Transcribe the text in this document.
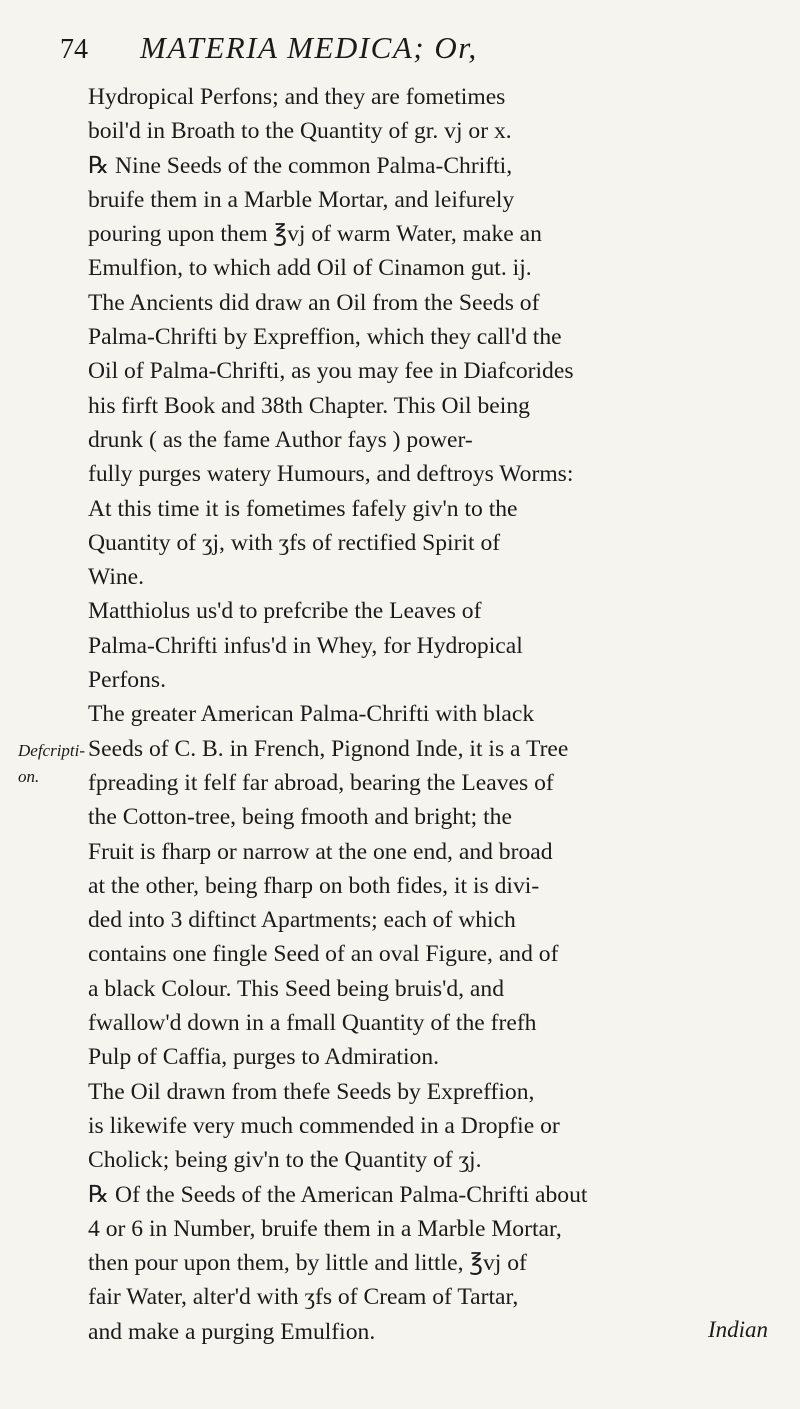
74 MATERIA MEDICA; Or,
Defcripti-on.
Hydropical Perfons; and they are fometimes
boil'd in Broath to the Quantity of gr. vj or x.
℞ Nine Seeds of the common Palma-Chrifti,
bruife them in a Marble Mortar, and leifurely
pouring upon them ℥vj of warm Water, make an
Emulfion, to which add Oil of Cinamon gut. ij.
The Ancients did draw an Oil from the Seeds of
Palma-Chrifti by Expreffion, which they call'd the
Oil of Palma-Chrifti, as you may fee in Diafcorides
his firft Book and 38th Chapter. This Oil being
drunk ( as the fame Author fays ) power-
fully purges watery Humours, and deftroys Worms:
At this time it is fometimes fafely giv'n to the
Quantity of ʒj, with ʒfs of rectified Spirit of
Wine.
Matthiolus us'd to prefcribe the Leaves of
Palma-Chrifti infus'd in Whey, for Hydropical
Perfons.
The greater American Palma-Chrifti with black
Seeds of C. B. in French, Pignond Inde, it is a Tree
fpreading it felf far abroad, bearing the Leaves of
the Cotton-tree, being fmooth and bright; the
Fruit is fharp or narrow at the one end, and broad
at the other, being fharp on both fides, it is divi-
ded into 3 diftinct Apartments; each of which
contains one fingle Seed of an oval Figure, and of
a black Colour. This Seed being bruis'd, and
fwallow'd down in a fmall Quantity of the frefh
Pulp of Caffia, purges to Admiration.
The Oil drawn from thefe Seeds by Expreffion,
is likewife very much commended in a Dropfie or
Cholick; being giv'n to the Quantity of ʒj.
℞ Of the Seeds of the American Palma-Chrifti about
4 or 6 in Number, bruife them in a Marble Mortar,
then pour upon them, by little and little, ℥vj of
fair Water, alter'd with ʒfs of Cream of Tartar,
and make a purging Emulfion.	Indian
